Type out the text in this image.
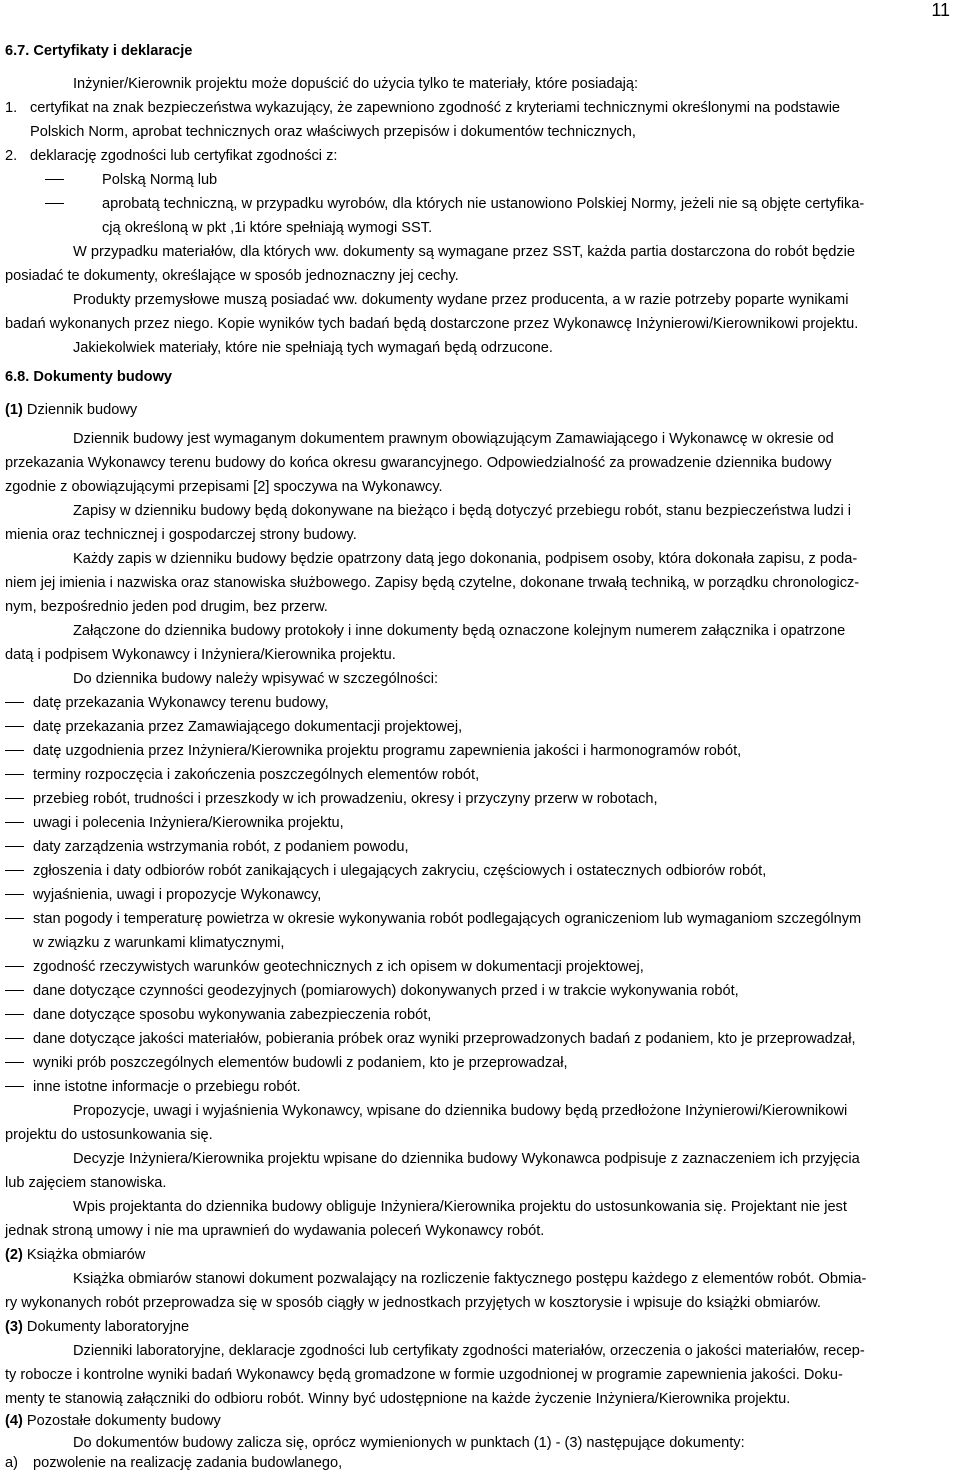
11
6.7. Certyfikaty i deklaracje
Inżynier/Kierownik projektu może dopuścić do użycia tylko te materiały, które posiadają:
1. certyfikat na znak bezpieczeństwa wykazujący, że zapewniono zgodność z kryteriami technicznymi określonymi na podstawie
Polskich Norm, aprobat technicznych oraz właściwych przepisów i dokumentów technicznych,
2. deklarację zgodności lub certyfikat zgodności z:
Polską Normą lub
aprobatą techniczną, w przypadku wyrobów, dla których nie ustanowiono Polskiej Normy, jeżeli nie są objęte certyfika-
cją określoną w pkt ,1i które spełniają wymogi SST.
W przypadku materiałów, dla których ww. dokumenty są wymagane przez SST, każda partia dostarczona do robót będzie
posiadać te dokumenty, określające w sposób jednoznaczny jej cechy.
Produkty przemysłowe muszą posiadać ww. dokumenty wydane przez producenta, a w razie potrzeby poparte wynikami
badań wykonanych przez niego. Kopie wyników tych badań będą dostarczone przez Wykonawcę Inżynierowi/Kierownikowi projektu.
Jakiekolwiek materiały, które nie spełniają tych wymagań będą odrzucone.
6.8. Dokumenty budowy
(1) Dziennik budowy
Dziennik budowy jest wymaganym dokumentem prawnym obowiązującym Zamawiającego i Wykonawcę w okresie od
przekazania Wykonawcy terenu budowy do końca okresu gwarancyjnego. Odpowiedzialność za prowadzenie dziennika budowy
zgodnie z obowiązującymi przepisami [2] spoczywa na Wykonawcy.
Zapisy w dzienniku budowy będą dokonywane na bieżąco i będą dotyczyć przebiegu robót, stanu bezpieczeństwa ludzi i
mienia oraz technicznej i gospodarczej strony budowy.
Każdy zapis w dzienniku budowy będzie opatrzony datą jego dokonania, podpisem osoby, która dokonała zapisu, z poda-
niem jej imienia i nazwiska oraz stanowiska służbowego. Zapisy będą czytelne, dokonane trwałą techniką, w porządku chronologicz-
nym, bezpośrednio jeden pod drugim, bez przerw.
Załączone do dziennika budowy protokoły i inne dokumenty będą oznaczone kolejnym numerem załącznika i opatrzone
datą i podpisem Wykonawcy i Inżyniera/Kierownika projektu.
Do dziennika budowy należy wpisywać w szczególności:
datę przekazania Wykonawcy terenu budowy,
datę przekazania przez Zamawiającego dokumentacji projektowej,
datę uzgodnienia przez Inżyniera/Kierownika projektu programu zapewnienia jakości i harmonogramów robót,
terminy rozpoczęcia i zakończenia poszczególnych elementów robót,
przebieg robót, trudności i przeszkody w ich prowadzeniu, okresy i przyczyny przerw w robotach,
uwagi i polecenia Inżyniera/Kierownika projektu,
daty zarządzenia wstrzymania robót, z podaniem powodu,
zgłoszenia i daty odbiorów robót zanikających i ulegających zakryciu, częściowych i ostatecznych odbiorów robót,
wyjaśnienia, uwagi i propozycje Wykonawcy,
stan pogody i temperaturę powietrza w okresie wykonywania robót podlegających ograniczeniom lub wymaganiom szczególnym
w związku z warunkami klimatycznymi,
zgodność rzeczywistych warunków geotechnicznych z ich opisem w dokumentacji projektowej,
dane dotyczące czynności geodezyjnych (pomiarowych) dokonywanych przed i w trakcie wykonywania robót,
dane dotyczące sposobu wykonywania zabezpieczenia robót,
dane dotyczące jakości materiałów, pobierania próbek oraz wyniki przeprowadzonych badań z podaniem, kto je przeprowadzał,
wyniki prób poszczególnych elementów budowli z podaniem, kto je przeprowadzał,
inne istotne informacje o przebiegu robót.
Propozycje, uwagi i wyjaśnienia Wykonawcy, wpisane do dziennika budowy będą przedłożone Inżynierowi/Kierownikowi
projektu do ustosunkowania się.
Decyzje Inżyniera/Kierownika projektu wpisane do dziennika budowy Wykonawca podpisuje z zaznaczeniem ich przyjęcia
lub zajęciem stanowiska.
Wpis projektanta do dziennika budowy obliguje Inżyniera/Kierownika projektu do ustosunkowania się. Projektant nie jest
jednak stroną umowy i nie ma uprawnień do wydawania poleceń Wykonawcy robót.
(2) Książka obmiarów
Książka obmiarów stanowi dokument pozwalający na rozliczenie faktycznego postępu każdego z elementów robót. Obmia-
ry wykonanych robót przeprowadza się w sposób ciągły w jednostkach przyjętych w kosztorysie i wpisuje do książki obmiarów.
(3) Dokumenty laboratoryjne
Dzienniki laboratoryjne, deklaracje zgodności lub certyfikaty zgodności materiałów, orzeczenia o jakości materiałów, recep-
ty robocze i kontrolne wyniki badań Wykonawcy będą gromadzone w formie uzgodnionej w programie zapewnienia jakości. Doku-
menty te stanowią załączniki do odbioru robót. Winny być udostępnione na każde życzenie Inżyniera/Kierownika projektu.
(4) Pozostałe dokumenty budowy
Do dokumentów budowy zalicza się, oprócz wymienionych w punktach (1) - (3) następujące dokumenty:
a) pozwolenie na realizację zadania budowlanego,
